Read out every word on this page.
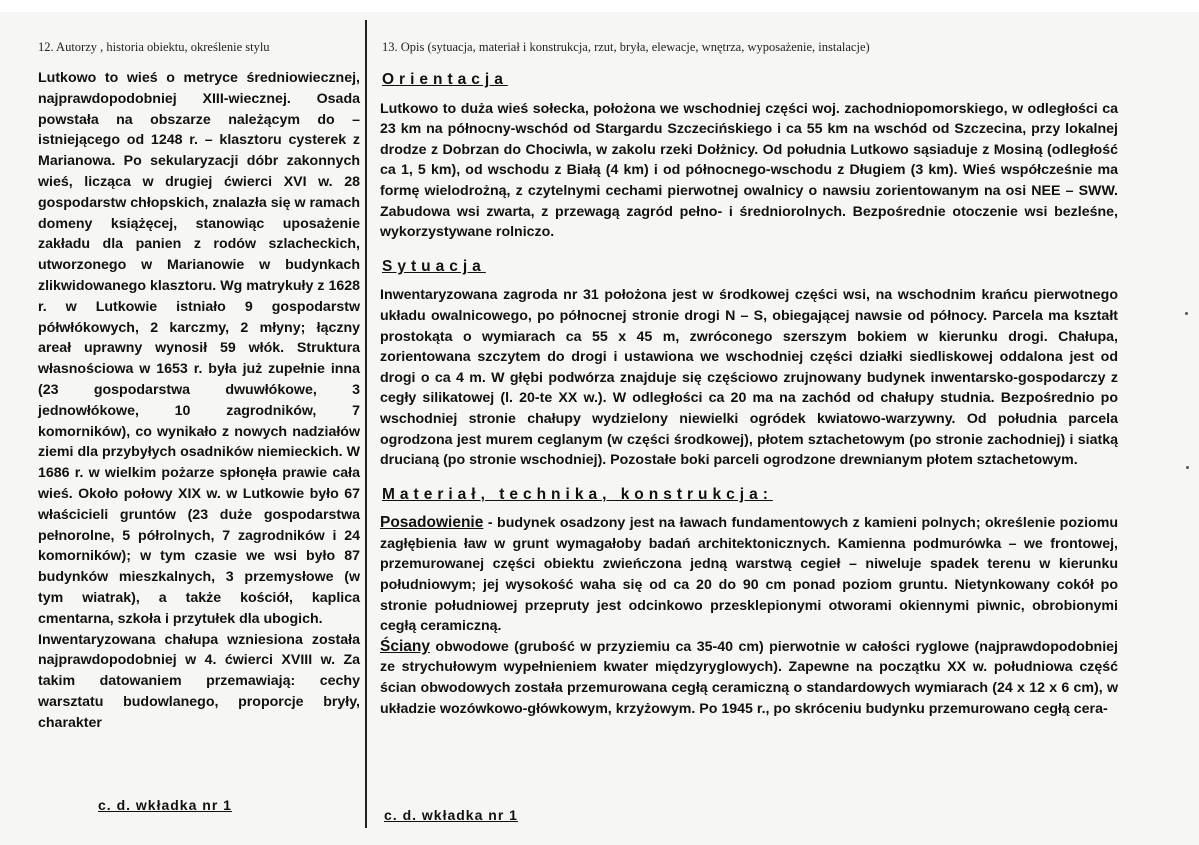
12. Autorzy , historia obiektu, określenie stylu	13. Opis (sytuacja, materiał i konstrukcja, rzut, bryła, elewacje, wnętrza, wyposażenie, instalacje)

Lutkowo to wieś o metryce średniowiecznej, najprawdopodobniej XIII-wiecznej. Osada powstała na obszarze należącym do – istniejącego od 1248 r. – klasztoru cysterek z Marianowa. Po sekularyzacji dóbr zakonnych wieś, licząca w drugiej ćwierci XVI w. 28 gospodarstw chłopskich, znalazła się w ramach domeny książęcej, stanowiąc uposażenie zakładu dla panien z rodów szlacheckich, utworzonego w Marianowie w budynkach zlikwidowanego klasztoru. Wg matrykuły z 1628 r. w Lutkowie istniało 9 gospodarstw półwłókowych, 2 karczmy, 2 młyny; łączny areał uprawny wynosił 59 włók. Struktura własnościowa w 1653 r. była już zupełnie inna (23 gospodarstwa dwuwłókowe, 3 jednowłókowe, 10 zagrodników, 7 komorników), co wynikało z nowych nadziałów ziemi dla przybyłych osadników niemieckich. W 1686 r. w wielkim pożarze spłonęła prawie cała wieś. Około połowy XIX w. w Lutkowie było 67 właścicieli gruntów (23 duże gospodarstwa pełnorolne, 5 półrolnych, 7 zagrodników i 24 komorników); w tym czasie we wsi było 87 budynków mieszkalnych, 3 przemysłowe (w tym wiatrak), a także kościół, kaplica cmentarna, szkoła i przytułek dla ubogich.

Inwentaryzowana chałupa wzniesiona została najprawdopodobniej w 4. ćwierci XVIII w. Za takim datowaniem przemawiają: cechy warsztatu budowlanego, proporcje bryły, charakter

c. d. wkładka nr 1
Orientacja

Lutkowo to duża wieś sołecka, położona we wschodniej części woj. zachodniopomorskiego, w odległości ca 23 km na północny-wschód od Stargardu Szczecińskiego i ca 55 km na wschód od Szczecina, przy lokalnej drodze z Dobrzan do Chociwla, w zakolu rzeki Dołżnicy. Od południa Lutkowo sąsiaduje z Mosiną (odległość ca 1, 5 km), od wschodu z Białą (4 km) i od północnego-wschodu z Długiem (3 km). Wieś współcześnie ma formę wielodrożną, z czytelnymi cechami pierwotnej owalnicy o nawsiu zorientowanym na osi NEE – SWW. Zabudowa wsi zwarta, z przewagą zagród pełno- i średniorolnych. Bezpośrednie otoczenie wsi bezleśne, wykorzystywane rolniczo.

Sytuacja

Inwentaryzowana zagroda nr 31 położona jest w środkowej części wsi, na wschodnim krańcu pierwotnego układu owalnicowego, po północnej stronie drogi N – S, obiegającej nawsie od północy. Parcela ma kształt prostokąta o wymiarach ca 55 x 45 m, zwróconego szerszym bokiem w kierunku drogi. Chałupa, zorientowana szczytem do drogi i ustawiona we wschodniej części działki siedliskowej oddalona jest od drogi o ca 4 m. W głębi podwórza znajduje się częściowo zrujnowany budynek inwentarsko-gospodarczy z cegły silikatowej (l. 20-te XX w.). W odległości ca 20 ma na zachód od chałupy studnia. Bezpośrednio po wschodniej stronie chałupy wydzielony niewielki ogródek kwiatowo-warzywny. Od południa parcela ogrodzona jest murem ceglanym (w części środkowej), płotem sztachetowym (po stronie zachodniej) i siatką drucianą (po stronie wschodniej). Pozostałe boki parceli ogrodzone drewnianym płotem sztachetowym.

Materiał, technika, konstrukcja:

Posadowienie - budynek osadzony jest na ławach fundamentowych z kamieni polnych; określenie poziomu zagłębienia ław w grunt wymagałoby badań architektonicznych. Kamienna podmurówka – we frontowej, przemurowanej części obiektu zwieńczona jedną warstwą cegieł – niweluje spadek terenu w kierunku południowym; jej wysokość waha się od ca 20 do 90 cm ponad poziom gruntu. Nietynkowany cokół po stronie południowej przepruty jest odcinkowo przesklepionymi otworami okiennymi piwnic, obrobionymi cegłą ceramiczną.

Ściany obwodowe (grubość w przyziemiu ca 35-40 cm) pierwotnie w całości ryglowe (najprawdopodobniej ze strychułowym wypełnieniem kwater międzyryglowych). Zapewne na początku XX w. południowa część ścian obwodowych została przemurowana cegłą ceramiczną o standardowych wymiarach (24 x 12 x 6 cm), w układzie wozówkowo-główkowym, krzyżowym. Po 1945 r., po skróceniu budynku przemurowano cegłą cera-

c. d. wkładka nr 1
